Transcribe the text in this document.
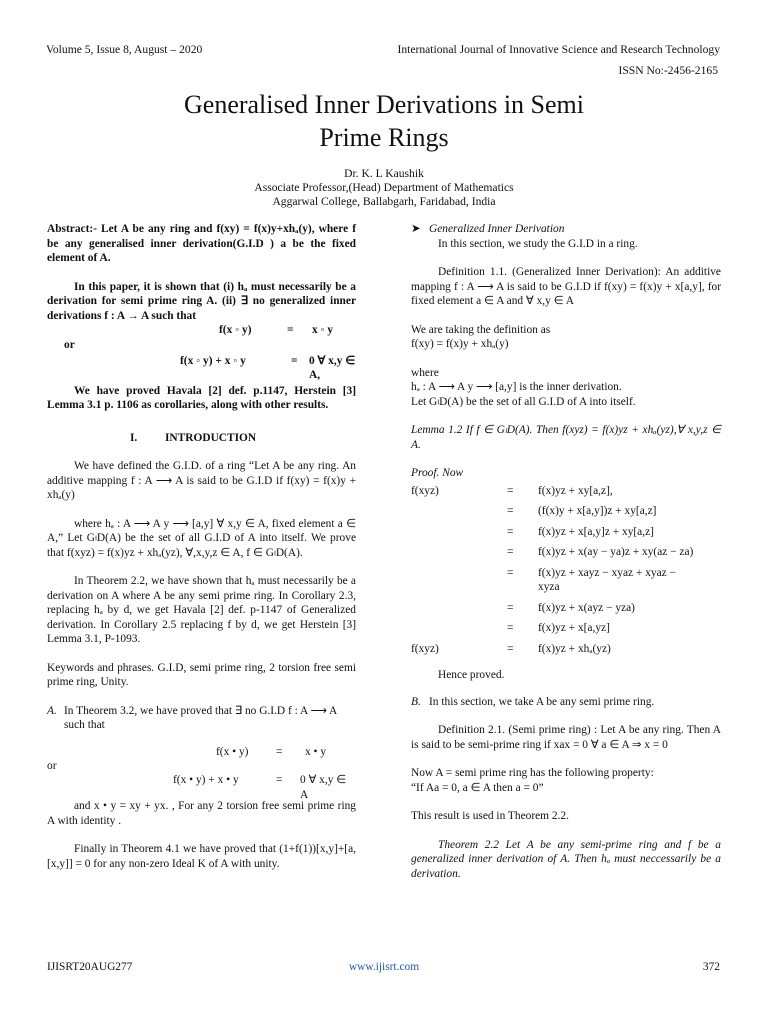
Volume 5, Issue 8, August – 2020	International Journal of Innovative Science and Research Technology
ISSN No:-2456-2165
Generalised Inner Derivations in Semi
Prime Rings
Dr. K. L Kaushik
Associate Professor,(Head) Department of Mathematics
Aggarwal College, Ballabgarh, Faridabad, India

Abstract:- Let A be any ring and f(xy) = f(x)y+xhₐ(y), where f be any generalised inner derivation(G.I.D ) a be the fixed element of A.

In this paper, it is shown that (i) hₐ must necessarily be a derivation for semi prime ring A. (ii) ∃ no generalized inner derivations f : A → A such that

f(x ◦ y)	= x ◦ y

or

f(x ◦ y) + x ◦ y	= 0 ∀ x,y ∈ A,

We have proved Havala [2] def. p.1147, Herstein [3] Lemma 3.1 p. 1106 as corollaries, along with other results.

I.	INTRODUCTION

We have defined the G.I.D. of a ring “Let A be any ring. An additive mapping f : A ⟶ A is said to be G.I.D if f(xy) = f(x)y + xhₐ(y)

where hₐ : A ⟶ A y ⟶ [a,y] ∀ x,y ∈ A, fixed element a ∈ A,” Let GₗD(A) be the set of all G.I.D of A into itself. We prove that f(xyz) = f(x)yz + xhₐ(yz), ∀,x,y,z ∈ A, f ∈ GₗD(A).

In Theorem 2.2, we have shown that hₐ must necessarily be a derivation on A where A be any semi prime ring. In Corollary 2.3, replacing hₐ by d, we get Havala [2] def. p-1147 of Generalized derivation. In Corollary 2.5 replacing f by d, we get Herstein [3] Lemma 3.1, P-1093.

Keywords and phrases. G.I.D, semi prime ring, 2 torsion free semi prime ring, Unity.

A. In Theorem 3.2, we have proved that ∃ no G.I.D f : A ⟶ A such that
f(x • y) = x • y

or

f(x • y) + x • y	= 0 ∀ x,y ∈ A

and x • y = xy + yx. , For any 2 torsion free semi prime ring A with identity .

Finally in Theorem 4.1 we have proved that (1+f(1))[x,y]+[a,[x,y]] = 0 for any non-zero Ideal K of A with unity.

➤ Generalized Inner Derivation

In this section, we study the G.I.D in a ring.

Definition 1.1. (Generalized Inner Derivation): An additive mapping f : A ⟶ A is said to be G.I.D if f(xy) = f(x)y + x[a,y], for fixed element a ∈ A and ∀ x,y ∈ A

We are taking the definition as

f(xy) = f(x)y + xhₐ(y)

where

hₐ : A ⟶ A y ⟶ [a,y] is the inner derivation.

Let GₗD(A) be the set of all G.I.D of A into itself.

Lemma 1.2 If f ∈ GₗD(A). Then f(xyz) = f(x)yz + xhₐ(yz),∀ x,y,z ∈ A.

Proof. Now

f(xyz)	=	f(x)yz + xy[a,z],
=	(f(x)y + x[a,y])z + xy[a,z]
=	f(x)yz + x[a,y]z + xy[a,z]
=	f(x)yz + x(ay − ya)z + xy(az − za)
=	f(x)yz + xayz − xyaz + xyaz − xyza
=	f(x)yz + x(ayz − yza)
=	f(x)yz + x[a,yz]
f(xyz)	=	f(x)yz + xhₐ(yz)

Hence proved.

B. In this section, we take A be any semi prime ring.

Definition 2.1. (Semi prime ring) : Let A be any ring. Then A is said to be semi-prime ring if xax = 0 ∀ a ∈ A ⇒ x = 0

Now A = semi prime ring has the following property:

“If Aa = 0, a ∈ A then a = 0”

This result is used in Theorem 2.2.

Theorem 2.2 Let A be any semi-prime ring and f be a generalized inner derivation of A. Then hₐ must neccessarily be a derivation.

IJISRT20AUG277	www.ijisrt.com	372
